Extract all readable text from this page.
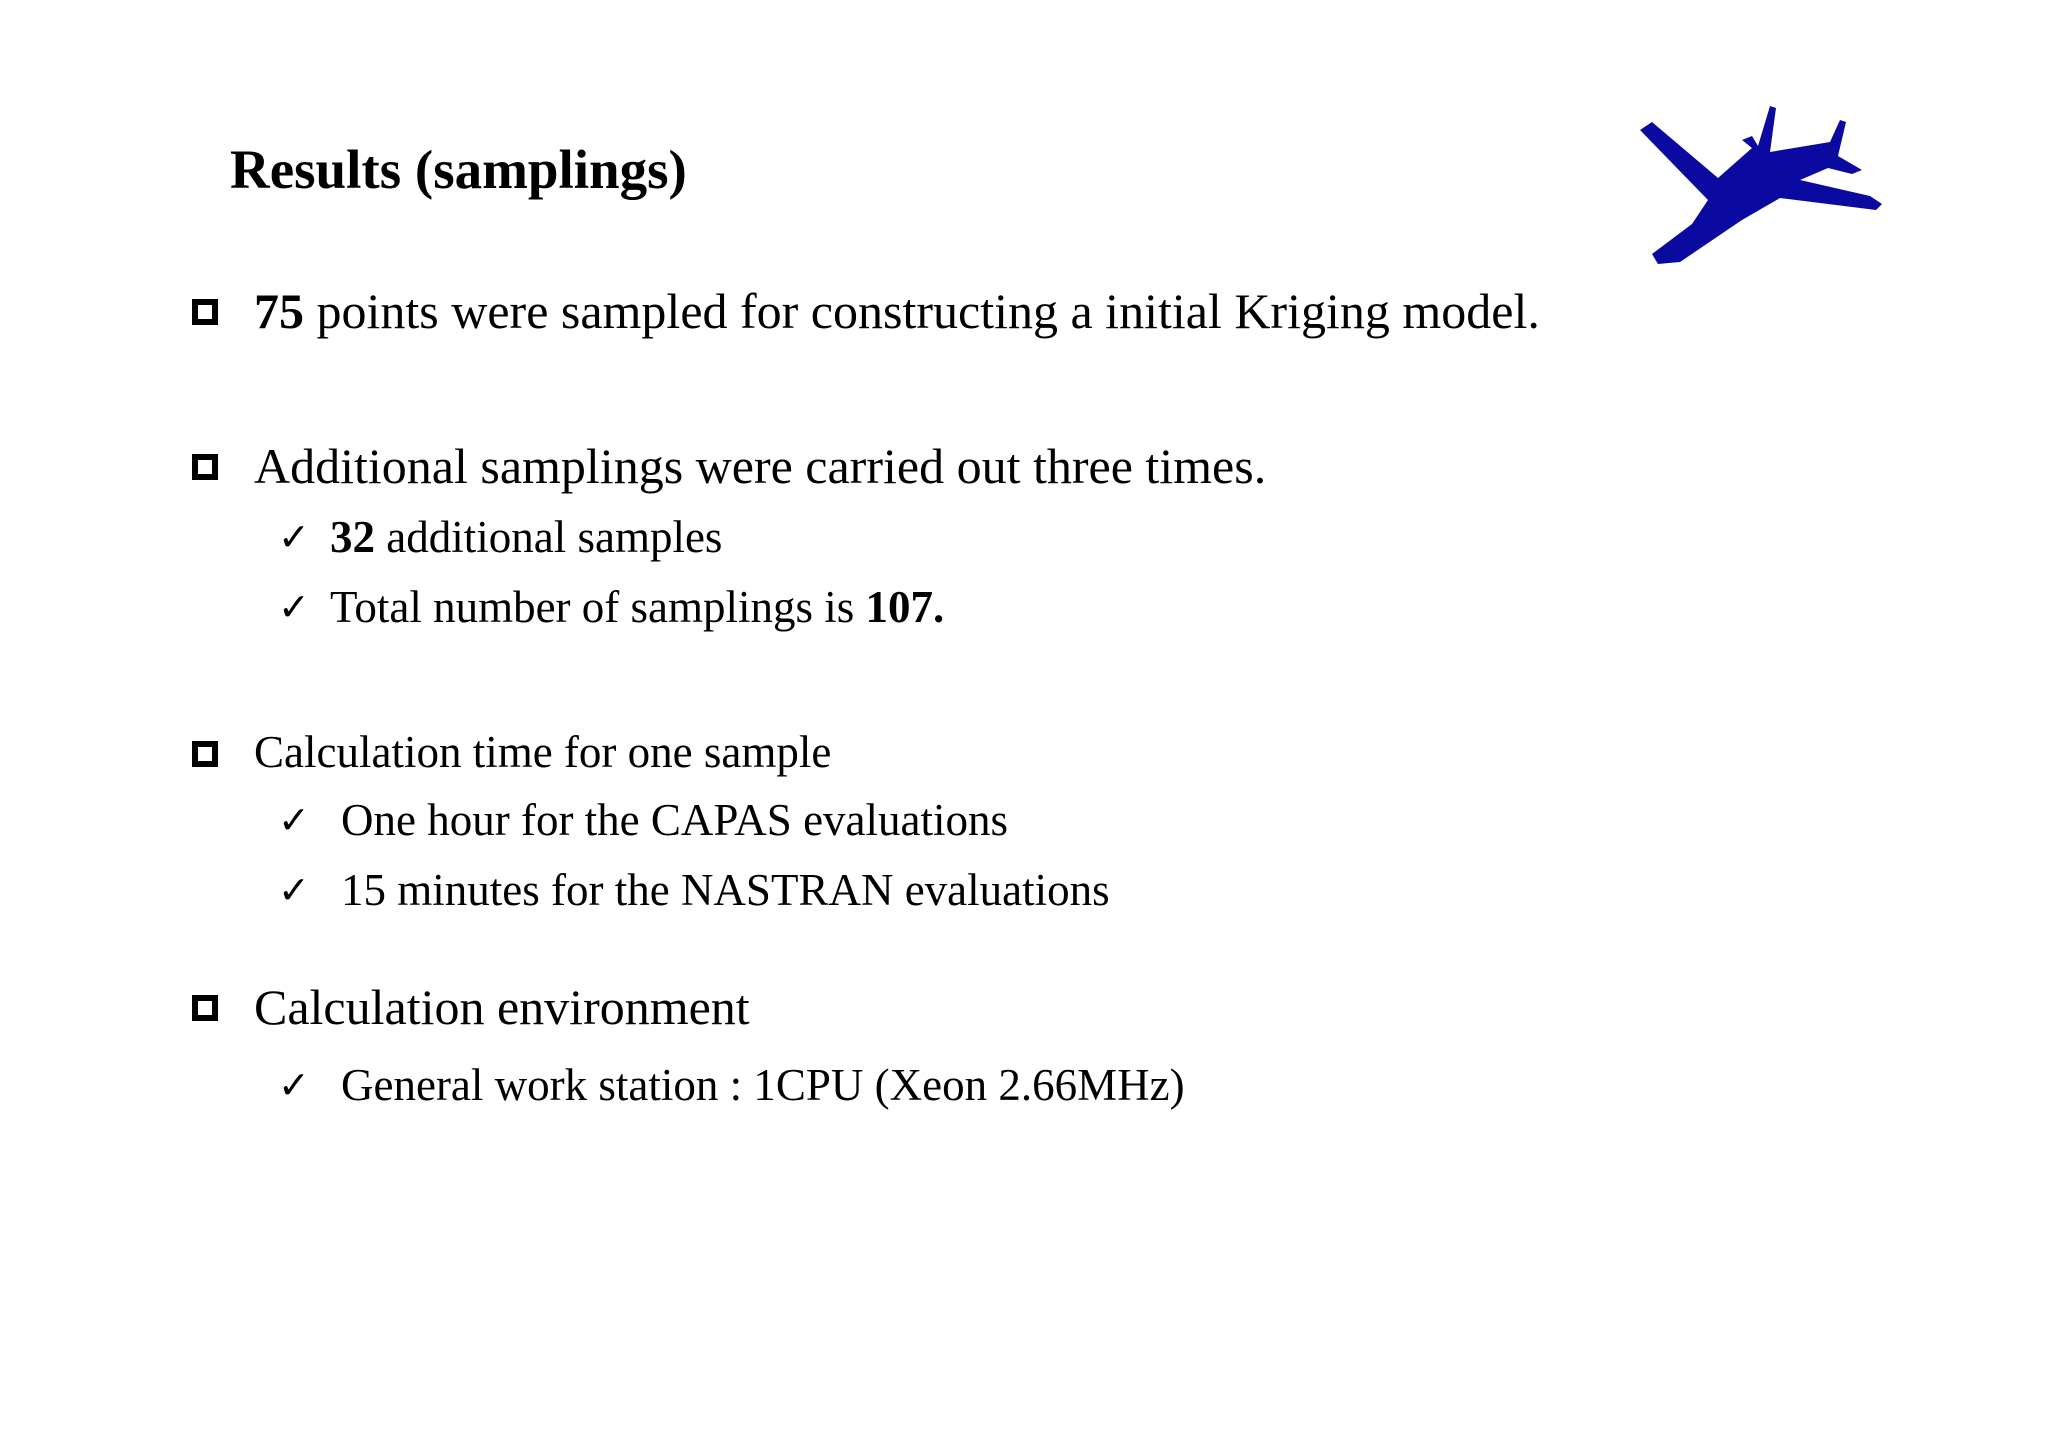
Results (samplings)
75 points were sampled for constructing a initial Kriging model.
Additional samplings were carried out three times.
✓ 32 additional samples
✓ Total number of samplings is 107.
Calculation time for one sample
✓ One hour for the CAPAS evaluations
✓ 15 minutes for the NASTRAN evaluations
Calculation environment
✓ General work station : 1CPU (Xeon 2.66MHz)
